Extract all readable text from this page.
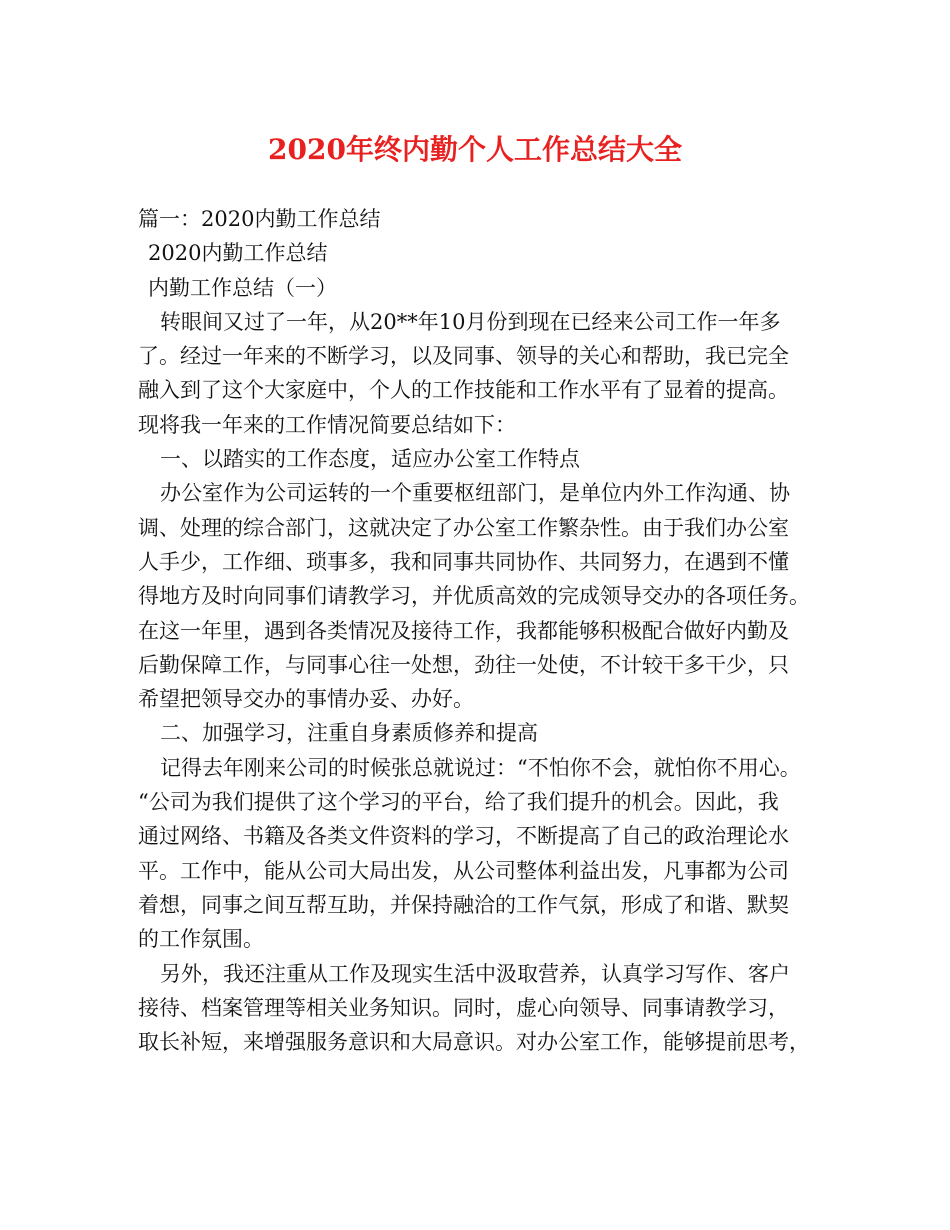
2020年终内勤个人工作总结大全
篇一：2020内勤工作总结
2020内勤工作总结
内勤工作总结（一）
转眼间又过了一年，从20**年10月份到现在已经来公司工作一年多
了。经过一年来的不断学习，以及同事、领导的关心和帮助，我已完全
融入到了这个大家庭中，个人的工作技能和工作水平有了显着的提高。
现将我一年来的工作情况简要总结如下：
一、以踏实的工作态度，适应办公室工作特点
办公室作为公司运转的一个重要枢纽部门，是单位内外工作沟通、协
调、处理的综合部门，这就决定了办公室工作繁杂性。由于我们办公室
人手少，工作细、琐事多，我和同事共同协作、共同努力，在遇到不懂
得地方及时向同事们请教学习，并优质高效的完成领导交办的各项任务。
在这一年里，遇到各类情况及接待工作，我都能够积极配合做好内勤及
后勤保障工作，与同事心往一处想，劲往一处使，不计较干多干少，只
希望把领导交办的事情办妥、办好。
二、加强学习，注重自身素质修养和提高
记得去年刚来公司的时候张总就说过：“不怕你不会，就怕你不用心。
“公司为我们提供了这个学习的平台，给了我们提升的机会。因此，我
通过网络、书籍及各类文件资料的学习，不断提高了自己的政治理论水
平。工作中，能从公司大局出发，从公司整体利益出发，凡事都为公司
着想，同事之间互帮互助，并保持融洽的工作气氛，形成了和谐、默契
的工作氛围。
另外，我还注重从工作及现实生活中汲取营养，认真学习写作、客户
接待、档案管理等相关业务知识。同时，虚心向领导、同事请教学习，
取长补短，来增强服务意识和大局意识。对办公室工作，能够提前思考，
